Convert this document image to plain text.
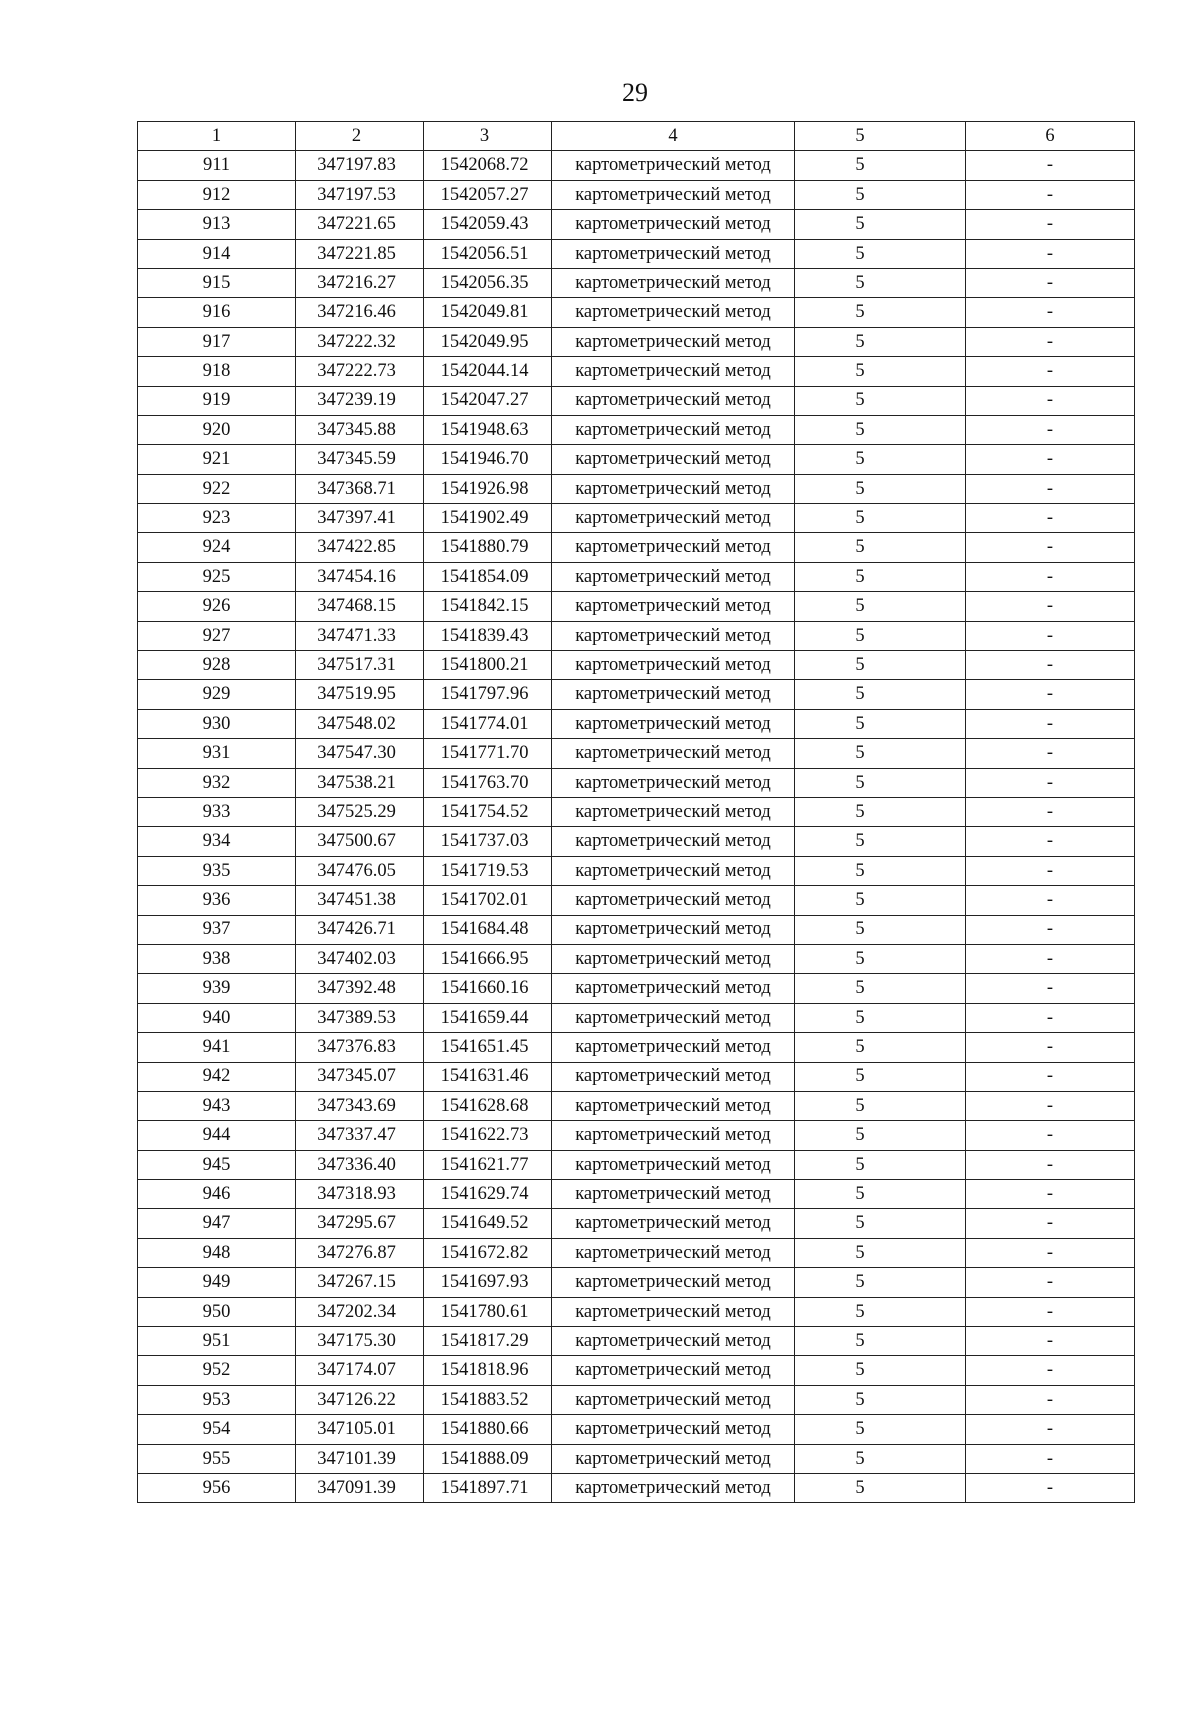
29
1	2	3	4	5	6
911	347197.83	1542068.72	картометрический метод	5	-
912	347197.53	1542057.27	картометрический метод	5	-
913	347221.65	1542059.43	картометрический метод	5	-
914	347221.85	1542056.51	картометрический метод	5	-
915	347216.27	1542056.35	картометрический метод	5	-
916	347216.46	1542049.81	картометрический метод	5	-
917	347222.32	1542049.95	картометрический метод	5	-
918	347222.73	1542044.14	картометрический метод	5	-
919	347239.19	1542047.27	картометрический метод	5	-
920	347345.88	1541948.63	картометрический метод	5	-
921	347345.59	1541946.70	картометрический метод	5	-
922	347368.71	1541926.98	картометрический метод	5	-
923	347397.41	1541902.49	картометрический метод	5	-
924	347422.85	1541880.79	картометрический метод	5	-
925	347454.16	1541854.09	картометрический метод	5	-
926	347468.15	1541842.15	картометрический метод	5	-
927	347471.33	1541839.43	картометрический метод	5	-
928	347517.31	1541800.21	картометрический метод	5	-
929	347519.95	1541797.96	картометрический метод	5	-
930	347548.02	1541774.01	картометрический метод	5	-
931	347547.30	1541771.70	картометрический метод	5	-
932	347538.21	1541763.70	картометрический метод	5	-
933	347525.29	1541754.52	картометрический метод	5	-
934	347500.67	1541737.03	картометрический метод	5	-
935	347476.05	1541719.53	картометрический метод	5	-
936	347451.38	1541702.01	картометрический метод	5	-
937	347426.71	1541684.48	картометрический метод	5	-
938	347402.03	1541666.95	картометрический метод	5	-
939	347392.48	1541660.16	картометрический метод	5	-
940	347389.53	1541659.44	картометрический метод	5	-
941	347376.83	1541651.45	картометрический метод	5	-
942	347345.07	1541631.46	картометрический метод	5	-
943	347343.69	1541628.68	картометрический метод	5	-
944	347337.47	1541622.73	картометрический метод	5	-
945	347336.40	1541621.77	картометрический метод	5	-
946	347318.93	1541629.74	картометрический метод	5	-
947	347295.67	1541649.52	картометрический метод	5	-
948	347276.87	1541672.82	картометрический метод	5	-
949	347267.15	1541697.93	картометрический метод	5	-
950	347202.34	1541780.61	картометрический метод	5	-
951	347175.30	1541817.29	картометрический метод	5	-
952	347174.07	1541818.96	картометрический метод	5	-
953	347126.22	1541883.52	картометрический метод	5	-
954	347105.01	1541880.66	картометрический метод	5	-
955	347101.39	1541888.09	картометрический метод	5	-
956	347091.39	1541897.71	картометрический метод	5	-
